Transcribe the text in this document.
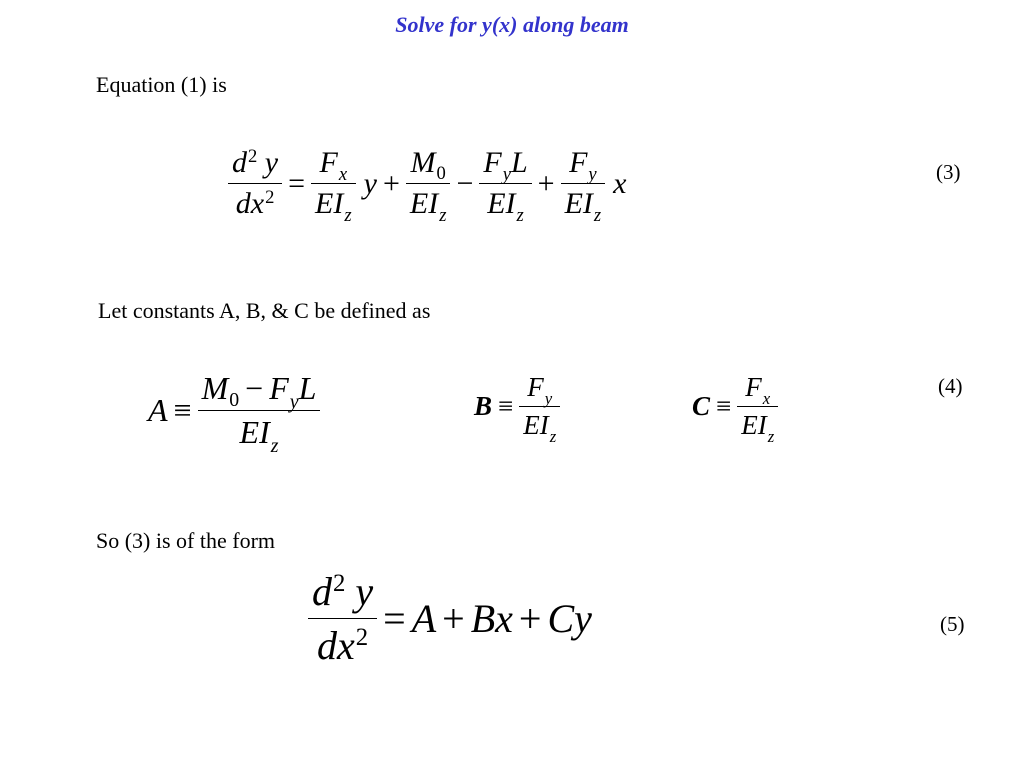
Solve for y(x) along beam
Equation (1) is
$\frac{d^2 y}{dx^2} = \frac{F_x}{EI_z}$ $y + \frac{M_0}{EI_z} - \frac{F_yL}{EI_z} + \frac{F_y}{EI_z}$ x	(3)
Let constants A, B, & C be defined as
$A \equiv \frac{M_0 - F_yL}{EI_z}$	$B \equiv \frac{F_y}{EI_z}$	$C \equiv \frac{F_x}{EI_z}$	(4)
So (3) is of the form
$\frac{d^2 y}{dx^2} = A + Bx + Cy$	(5)
